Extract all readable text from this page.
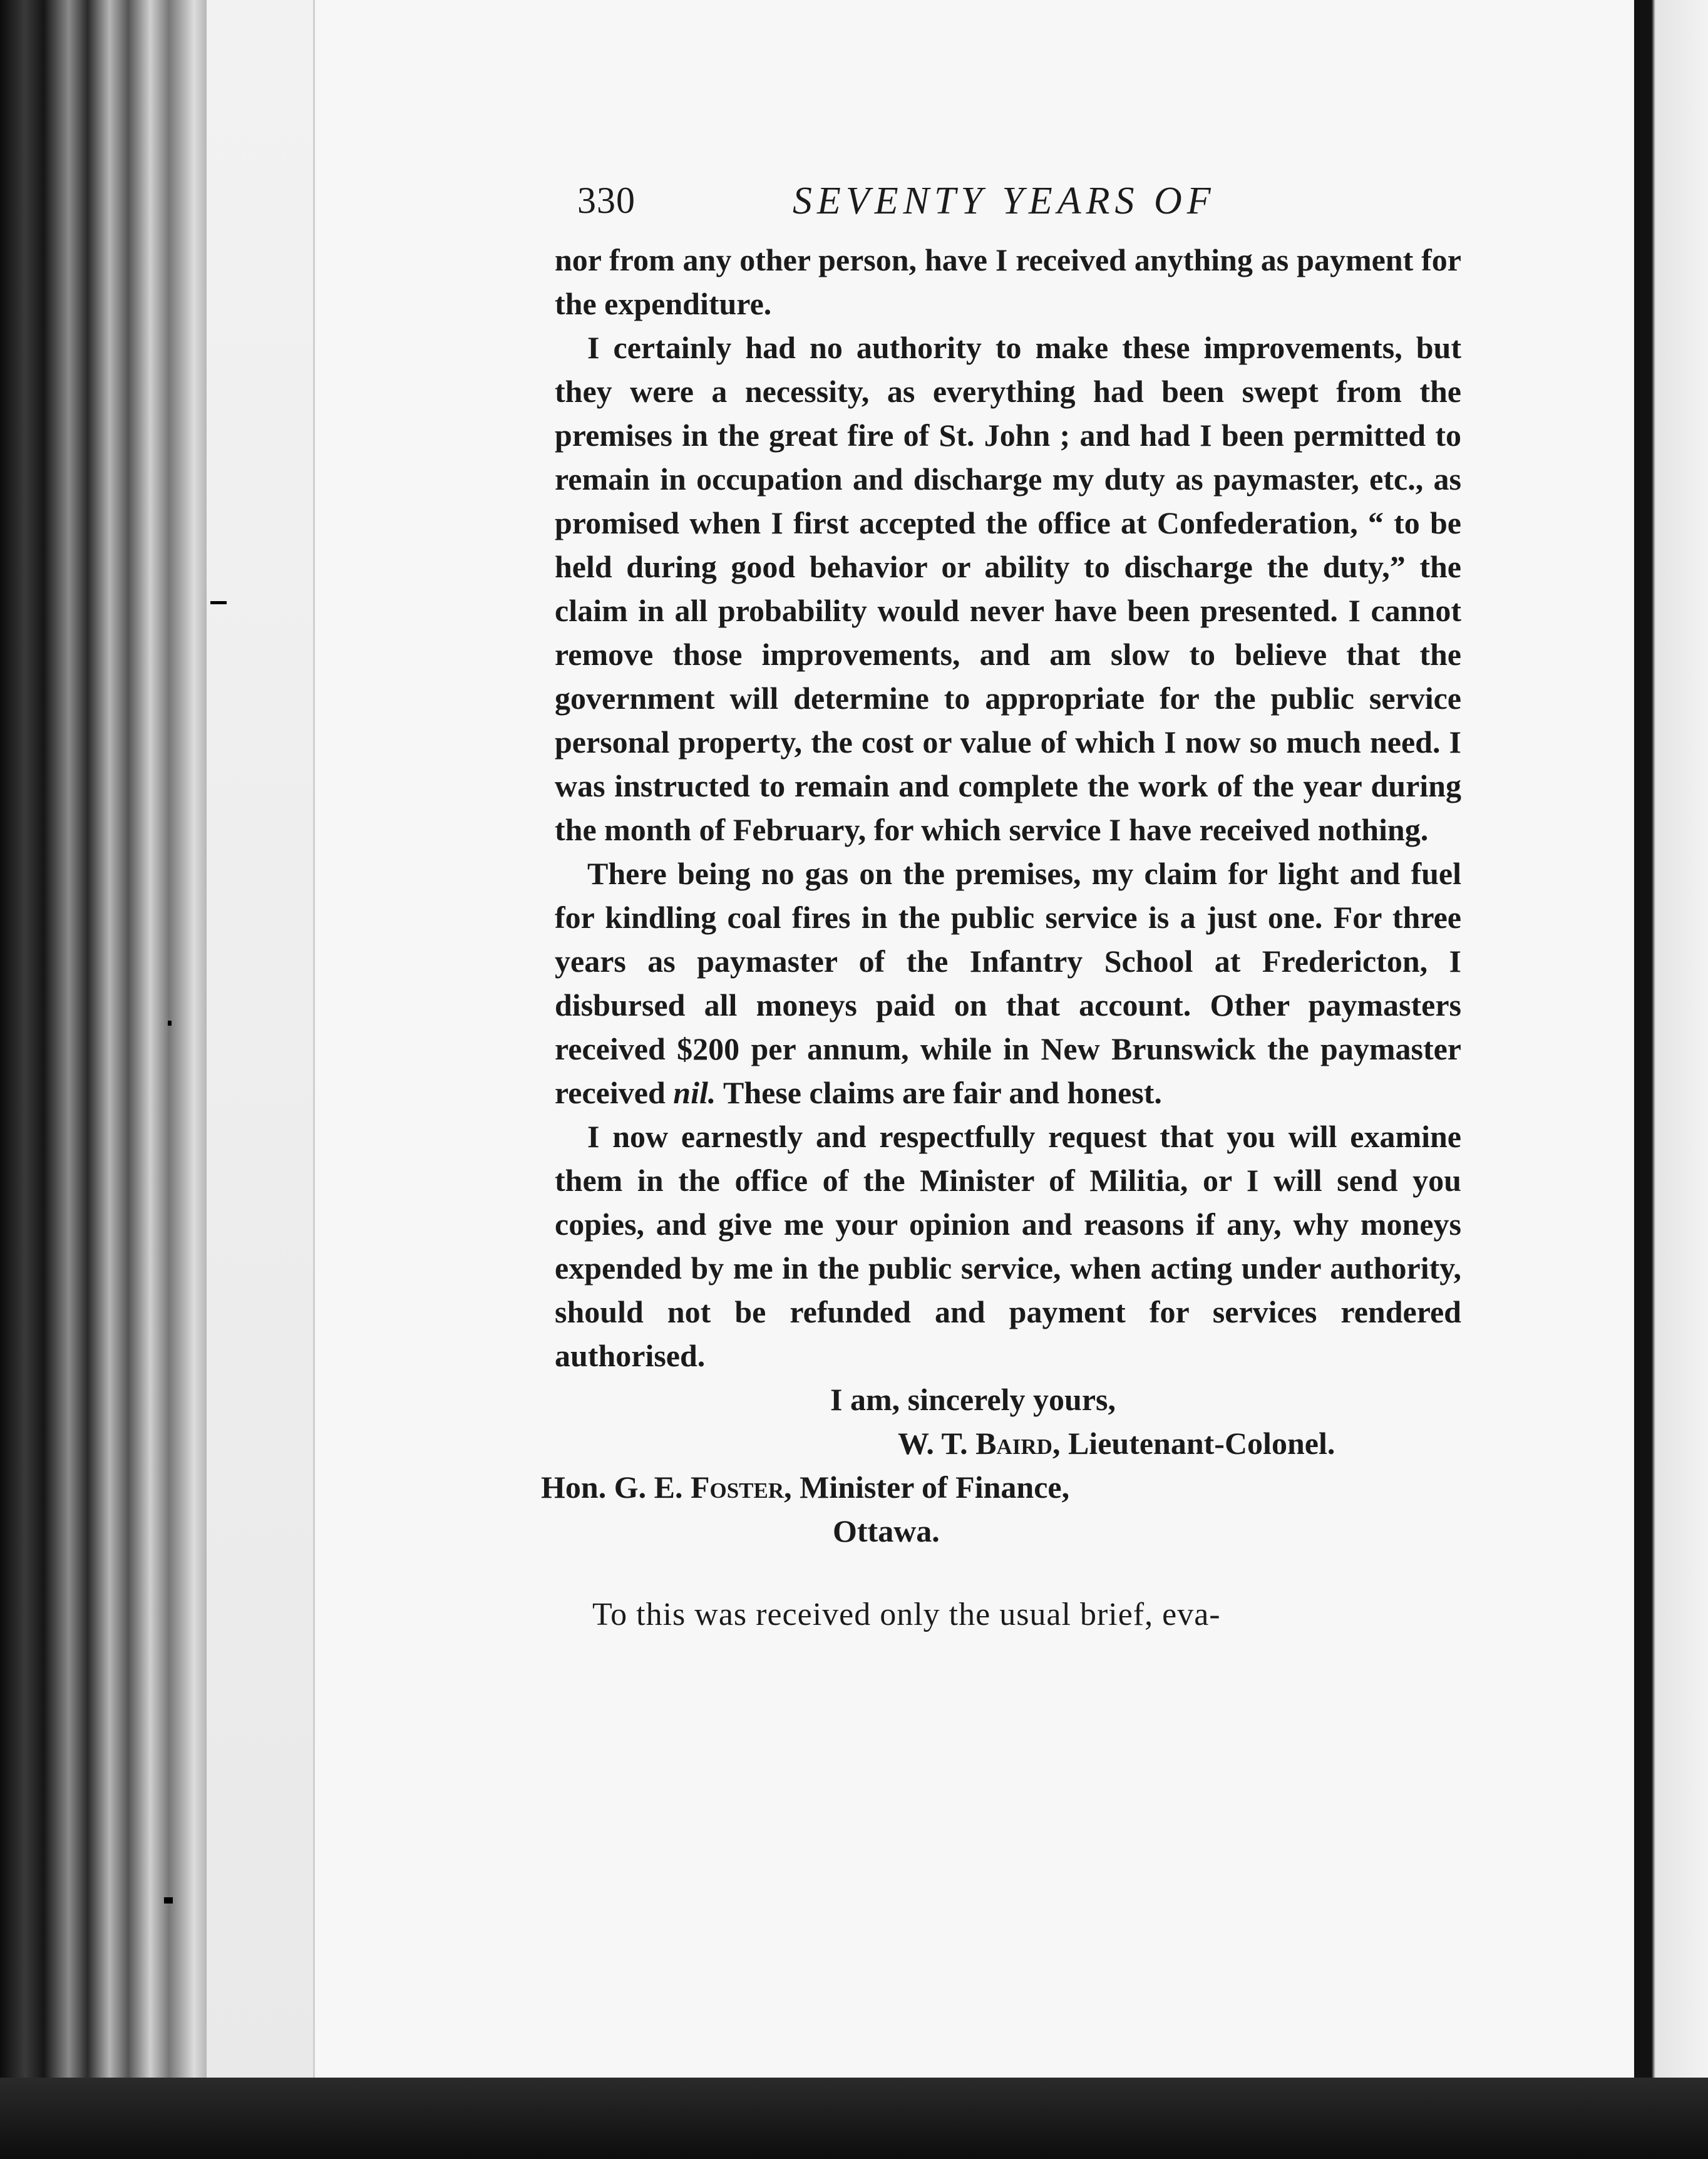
330	SEVENTY YEARS OF

nor from any other person, have I received anything as payment for the expenditure.

I certainly had no authority to make these improvements, but they were a necessity, as everything had been swept from the premises in the great fire of St. John ; and had I been permitted to remain in occupation and discharge my duty as paymaster, etc., as promised when I first accepted the office at Confederation, “ to be held during good behavior or ability to discharge the duty,” the claim in all probability would never have been presented. I cannot remove those improvements, and am slow to believe that the government will determine to appropriate for the public service personal property, the cost or value of which I now so much need. I was instructed to remain and complete the work of the year during the month of February, for which service I have received nothing.

There being no gas on the premises, my claim for light and fuel for kindling coal fires in the public service is a just one. For three years as paymaster of the Infantry School at Fredericton, I disbursed all moneys paid on that account. Other paymasters received $200 per annum, while in New Brunswick the paymaster received nil. These claims are fair and honest.

I now earnestly and respectfully request that you will examine them in the office of the Minister of Militia, or I will send you copies, and give me your opinion and reasons if any, why moneys expended by me in the public service, when acting under authority, should not be refunded and payment for services rendered authorised.

I am, sincerely yours,
W. T. Baird, Lieutenant-Colonel.
Hon. G. E. Foster, Minister of Finance,
Ottawa.
To this was received only the usual brief, eva-
